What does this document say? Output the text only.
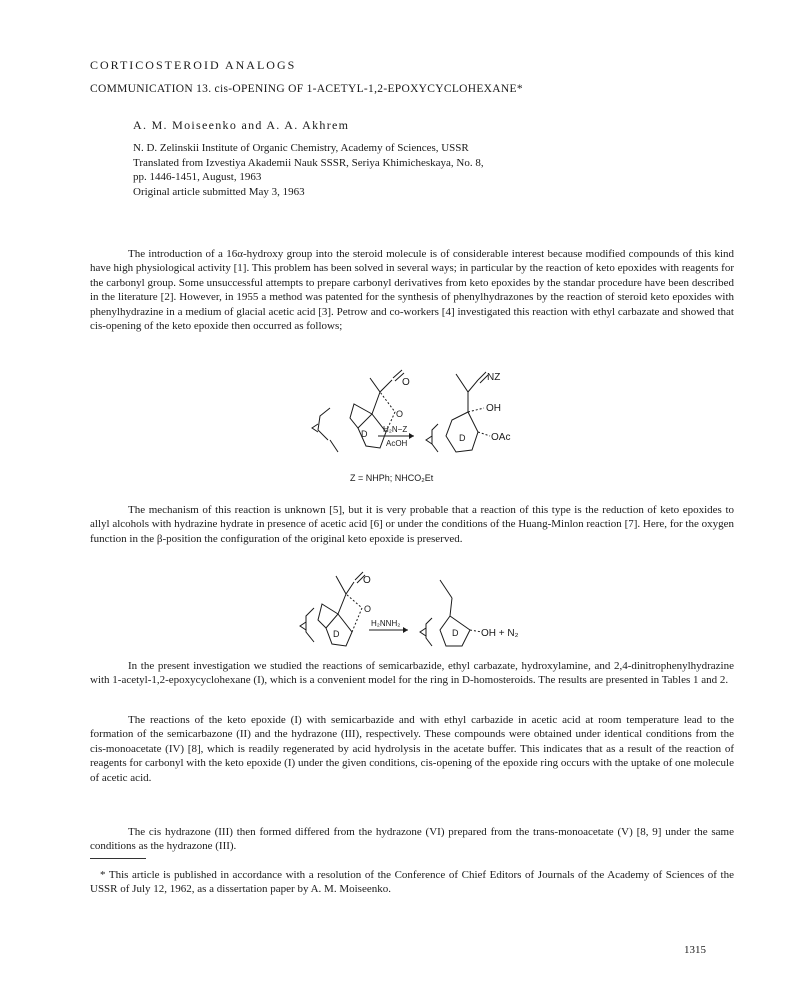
CORTICOSTEROID ANALOGS
COMMUNICATION 13. cis-OPENING OF 1-ACETYL-1,2-EPOXYCYCLOHEXANE*
A. M. Moiseenko and A. A. Akhrem
N. D. Zelinskii Institute of Organic Chemistry, Academy of Sciences, USSR
Translated from Izvestiya Akademii Nauk SSSR, Seriya Khimicheskaya, No. 8,
pp. 1446-1451, August, 1963
Original article submitted May 3, 1963

The introduction of a 16α-hydroxy group into the steroid molecule is of considerable interest because modified compounds of this kind have high physiological activity [1]. This problem has been solved in several ways; in particular by the reaction of keto epoxides with reagents for the carbonyl group. Some unsuccessful attempts to prepare carbonyl derivatives from keto epoxides by the standar procedure have been described in the literature [2]. However, in 1955 a method was patented for the synthesis of phenylhydrazones by the reaction of steroid keto epoxides with phenylhydrazine in a medium of glacial acetic acid [3]. Petrow and co-workers [4] investigated this reaction with ethyl carbazate and showed that cis-opening of the keto epoxide then occurred as follows;

O
O
D H₂N−Z
AcOH
NZ
OH
D	OAc
Z = NHPh; NHCO₂Et

The mechanism of this reaction is unknown [5], but it is very probable that a reaction of this type is the reduction of keto epoxides to allyl alcohols with hydrazine hydrate in presence of acetic acid [6] or under the conditions of the Huang-Minlon reaction [7]. Here, for the oxygen function in the β-position the configuration of the original keto epoxide is preserved.

O
O
D
H₂NNH₂
D OH + N₂

In the present investigation we studied the reactions of semicarbazide, ethyl carbazate, hydroxylamine, and 2,4-dinitrophenylhydrazine with 1-acetyl-1,2-epoxycyclohexane (I), which is a convenient model for the ring in D-homosteroids. The results are presented in Tables 1 and 2.

The reactions of the keto epoxide (I) with semicarbazide and with ethyl carbazide in acetic acid at room temperature lead to the formation of the semicarbazone (II) and the hydrazone (III), respectively. These compounds were obtained under identical conditions from the cis-monoacetate (IV) [8], which is readily regenerated by acid hydrolysis in the acetate buffer. This indicates that as a result of the reaction of reagents for carbonyl with the keto epoxide (I) under the given conditions, cis-opening of the epoxide ring occurs with the uptake of one molecule of acetic acid.

The cis hydrazone (III) then formed differed from the hydrazone (VI) prepared from the trans-monoacetate (V) [8, 9] under the same conditions as the hydrazone (III).

* This article is published in accordance with a resolution of the Conference of Chief Editors of Journals of the Academy of Sciences of the USSR of July 12, 1962, as a dissertation paper by A. M. Moiseenko.

1315
